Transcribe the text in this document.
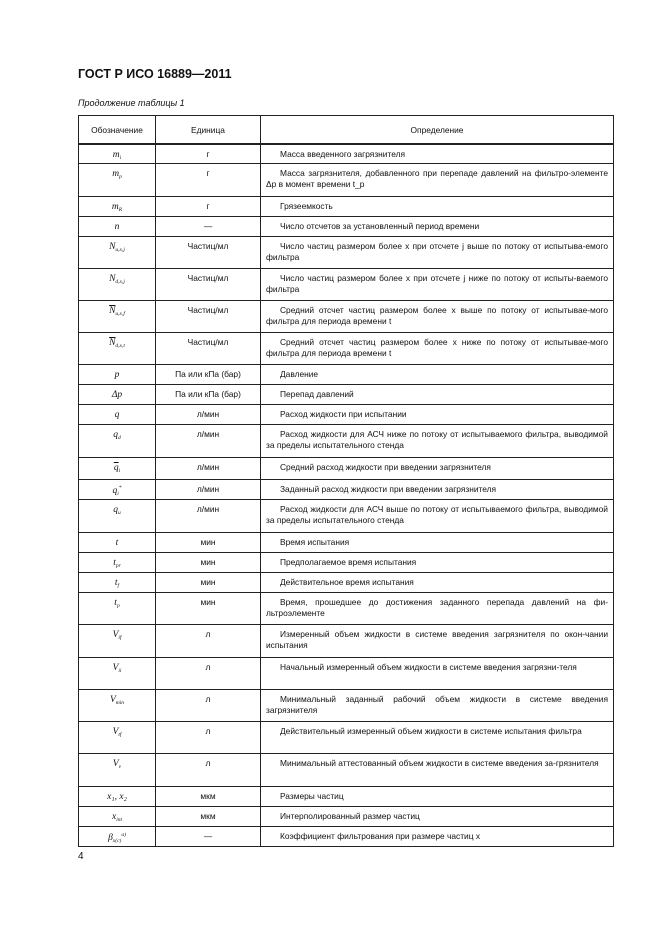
ГОСТ Р ИСО 16889—2011
Продолжение таблицы 1
Обозначение	Единица	Определение
$m_i$	г	Масса введенного загрязнителя
$m_p$	г	Масса загрязнителя, добавленного при перепаде давлений на фильтро-элементе Δp в момент времени t_p
$m_R$	г	Грязеемкость
n	—	Число отсчетов за установленный период времени
$N_{u,x,j}$	Частиц/мл	Число частиц размером более x при отсчете j выше по потоку от испытыва-емого фильтра
$N_{d,x,j}$	Частиц/мл	Число частиц размером более x при отсчете j ниже по потоку от испыты-ваемого фильтра
$\overline{N}_{u,x,f}$	Частиц/мл	Средний отсчет частиц размером более x выше по потоку от испытывае-мого фильтра для периода времени t
$\overline{N}_{d,x,t}$	Частиц/мл	Средний отсчет частиц размером более x ниже по потоку от испытывае-мого фильтра для периода времени t
p	Па или кПа (бар)	Давление
Δp	Па или кПа (бар)	Перепад давлений
q	л/мин	Расход жидкости при испытании
$q_d$	л/мин	Расход жидкости для АСЧ ниже по потоку от испытываемого фильтра, выводимой за пределы испытательного стенда
$\overline{q}_i$	л/мин	Средний расход жидкости при введении загрязнителя
$q_i^*$	л/мин	Заданный расход жидкости при введении загрязнителя
$q_u$	л/мин	Расход жидкости для АСЧ выше по потоку от испытываемого фильтра, выводимой за пределы испытательного стенда
t	мин	Время испытания
$t_{pr}$	мин	Предполагаемое время испытания
$t_f$	мин	Действительное время испытания
$t_p$	мин	Время, прошедшее до достижения заданного перепада давлений на фи-льтроэлементе
$V_{if}$	л	Измеренный объем жидкости в системе введения загрязнителя по окон-чании испытания
$V_{ii}$	л	Начальный измеренный объем жидкости в системе введения загрязни-теля
$V_{min}$	л	Минимальный заданный рабочий объем жидкости в системе введения загрязнителя
$V_{tf}$	л	Действительный измеренный объем жидкости в системе испытания фильтра
$V_v$	л	Минимальный аттестованный объем жидкости в системе введения за-грязнителя
x₁, x₂	мкм	Размеры частиц
$x_{int}$	мкм	Интерполированный размер частиц
$\beta_{x(c)}^{a)}$	—	Коэффициент фильтрования при размере частиц x
4
